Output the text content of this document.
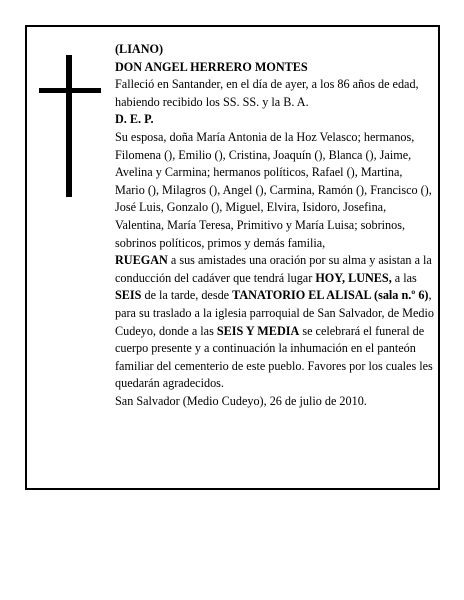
(LIANO)

DON ANGEL HERRERO MONTES

Falleció en Santander, en el día de ayer, a los 86 años de edad, habiendo recibido los SS. SS. y la B. A.

D. E. P.

Su esposa, doña María Antonia de la Hoz Velasco; hermanos, Filomena (), Emilio (), Cristina, Joaquín (), Blanca (), Jaime, Avelina y Carmina; hermanos políticos, Rafael (), Martina, Mario (), Milagros (), Angel (), Carmina, Ramón (), Francisco (), José Luis, Gonzalo (), Miguel, Elvira, Isidoro, Josefina, Valentina, María Teresa, Primitivo y María Luisa; sobrinos, sobrinos políticos, primos y demás familia,

RUEGAN a sus amistades una oración por su alma y asistan a la conducción del cadáver que tendrá lugar HOY, LUNES, a las SEIS de la tarde, desde TANATORIO EL ALISAL (sala n.º 6), para su traslado a la iglesia parroquial de San Salvador, de Medio Cudeyo, donde a las SEIS Y MEDIA se celebrará el funeral de cuerpo presente y a continuación la inhumación en el panteón familiar del cementerio de este pueblo. Favores por los cuales les quedarán agradecidos.

San Salvador (Medio Cudeyo), 26 de julio de 2010.
